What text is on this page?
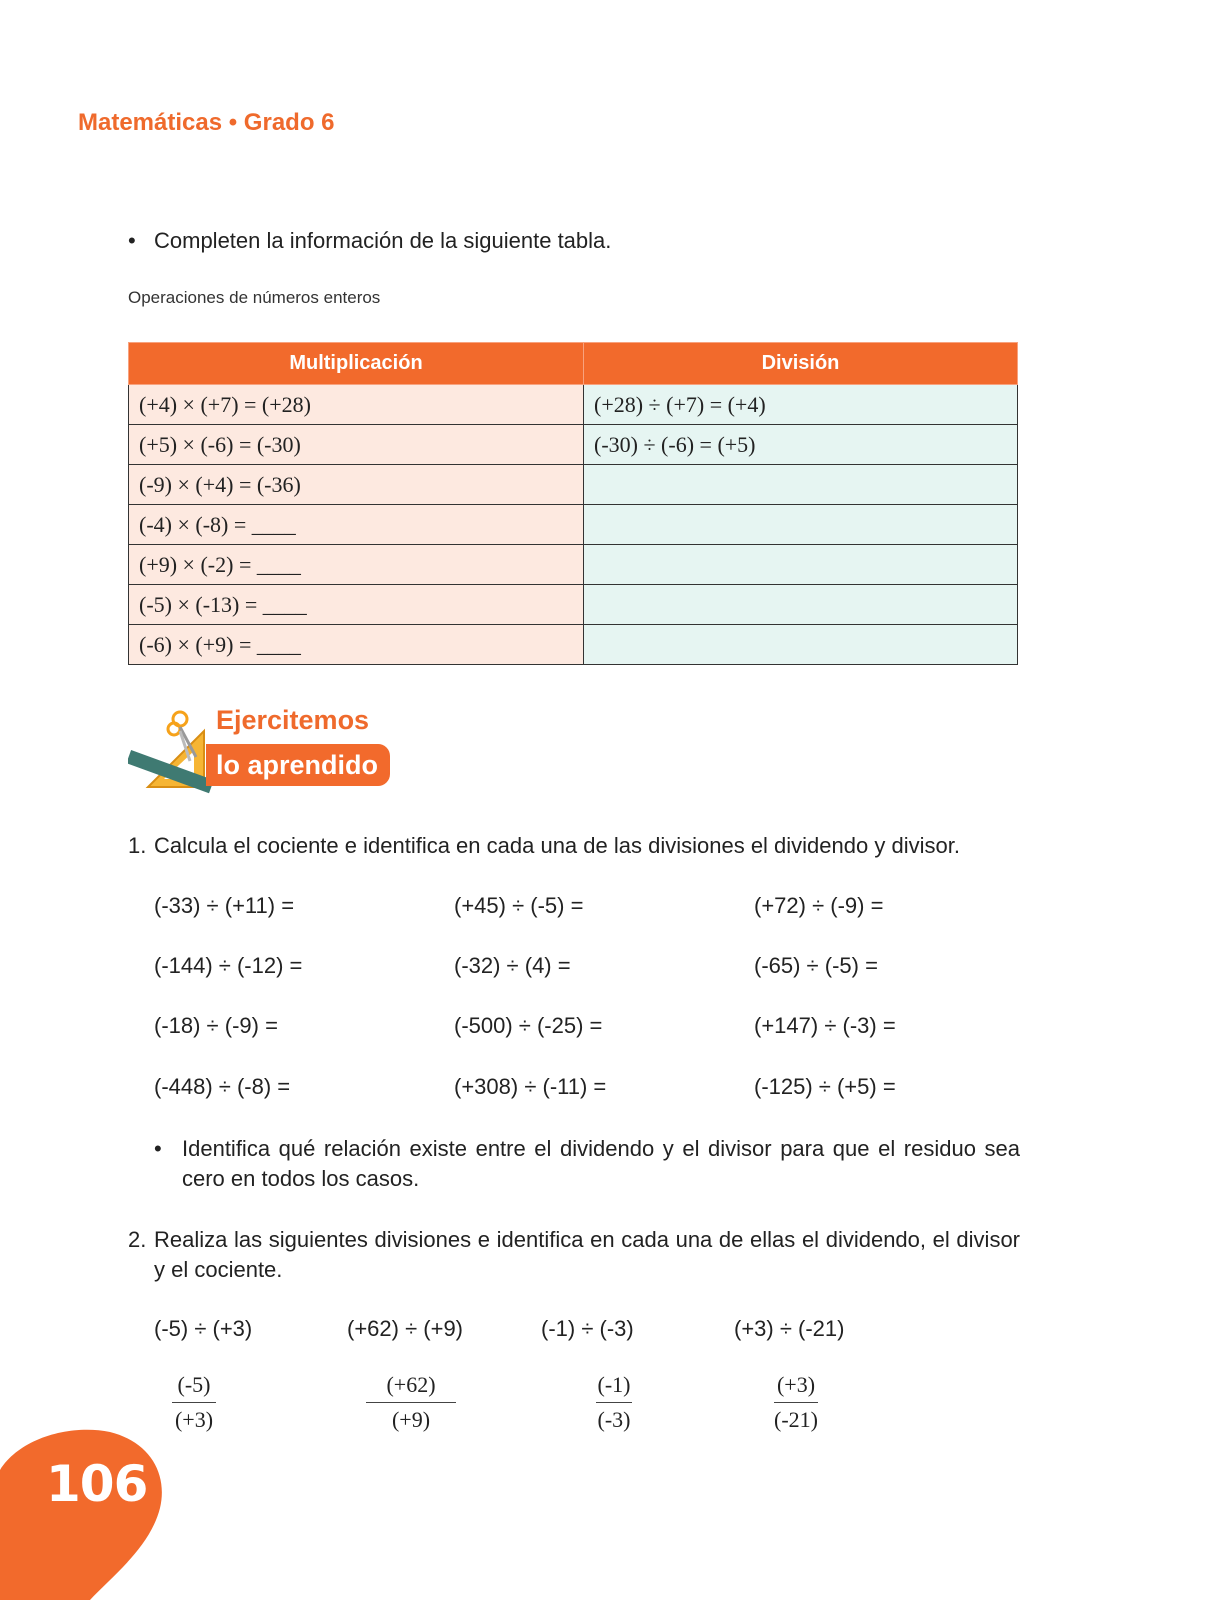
Matemáticas • Grado 6
• Completen la información de la siguiente tabla.
Operaciones de números enteros
Multiplicación	División
(+4) × (+7) = (+28)	(+28) ÷ (+7) = (+4)
(+5) × (-6) = (-30)	(-30) ÷ (-6) = (+5)
(-9) × (+4) = (-36)	
(-4) × (-8) = ____	
(+9) × (-2) = ____	
(-5) × (-13) = ____	
(-6) × (+9) = ____	
Ejercitemos
lo aprendido
1. Calcula el cociente e identifica en cada una de las divisiones el dividendo y divisor.
(-33) ÷ (+11) =	(+45) ÷ (-5) =	(+72) ÷ (-9) =
(-144) ÷ (-12) =	(-32) ÷ (4) =	(-65) ÷ (-5) =
(-18) ÷ (-9) =	(-500) ÷ (-25) =	(+147) ÷ (-3) =
(-448) ÷ (-8) =	(+308) ÷ (-11) =	(-125) ÷ (+5) =
• Identifica qué relación existe entre el dividendo y el divisor para que el residuo sea cero en todos los casos.
2. Realiza las siguientes divisiones e identifica en cada una de ellas el dividendo, el divisor y el cociente.
(-5) ÷ (+3)	(+62) ÷ (+9)	(-1) ÷ (-3)	(+3) ÷ (-21)
$\frac{(-5)}{(+3)}$	$\frac{(+62)}{(+9)}$	$\frac{(-1)}{(-3)}$	$\frac{(+3)}{(-21)}$
106
